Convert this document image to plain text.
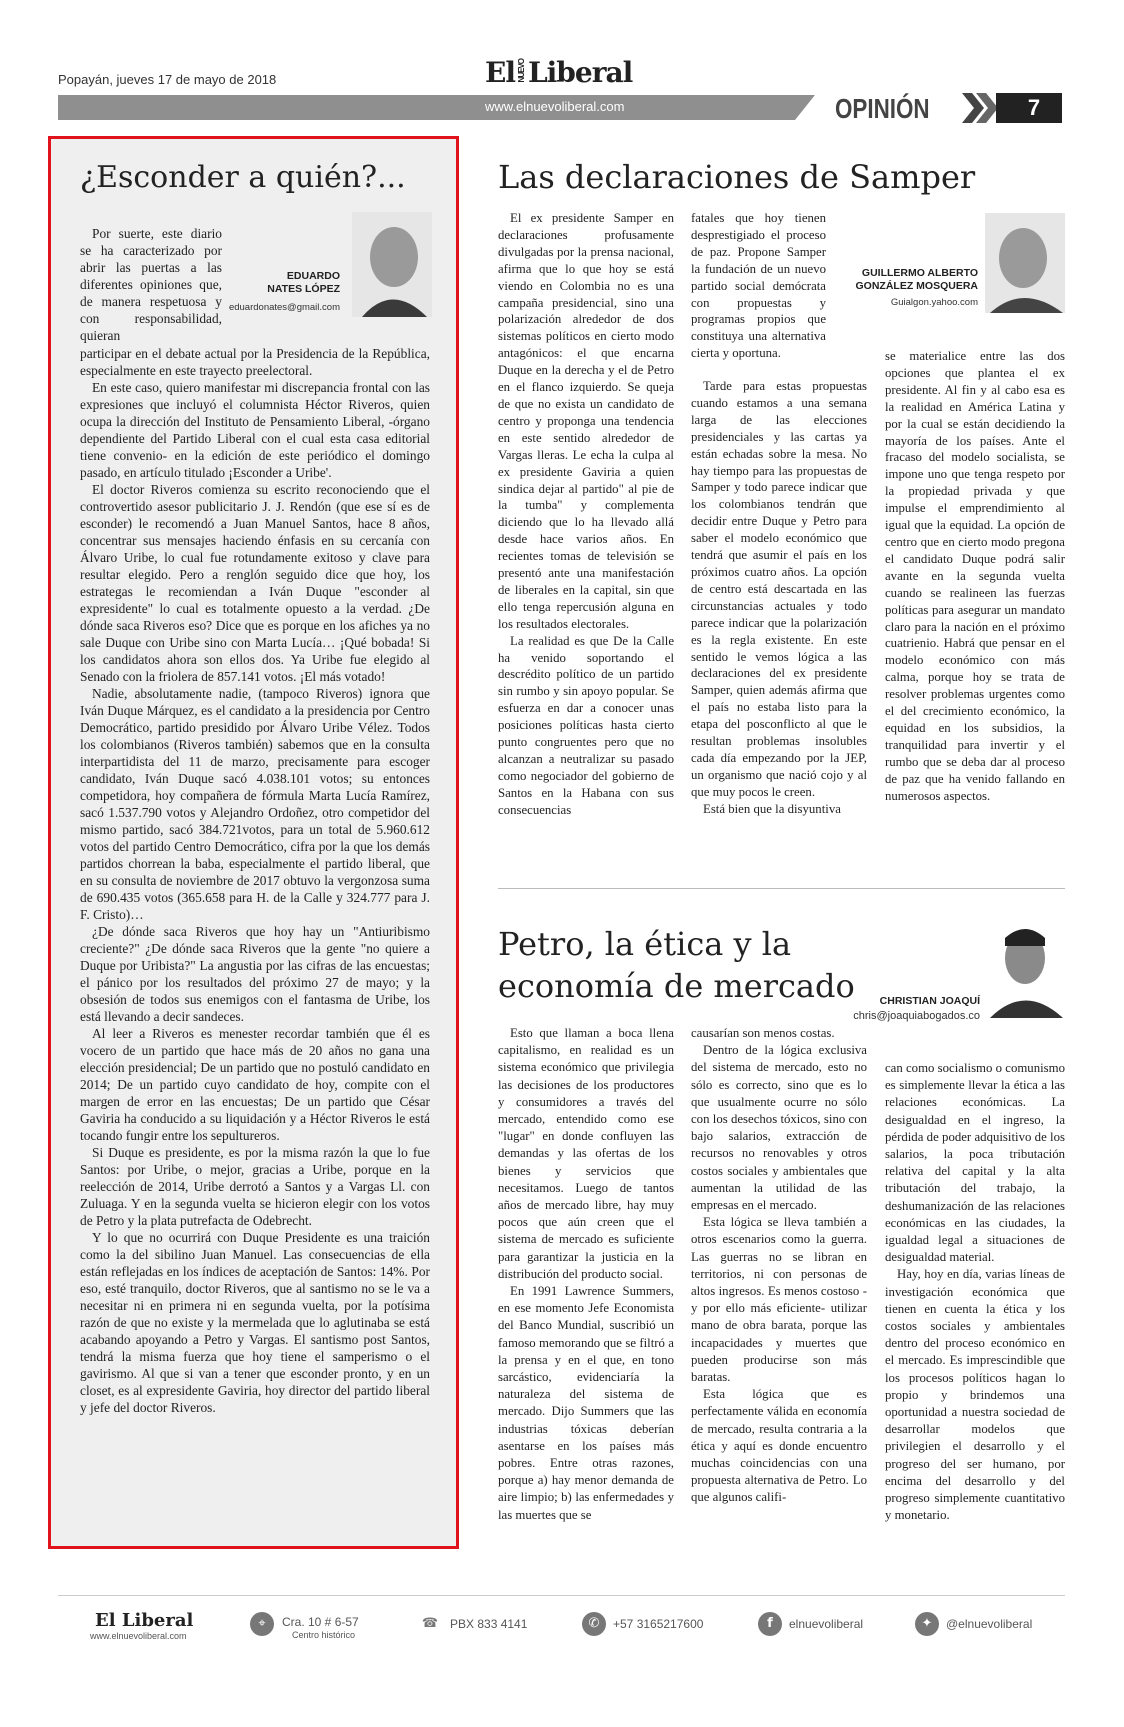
Popayán, jueves 17 de mayo de 2018	El NUEVOLiberal
www.elnuevoliberal.com	OPINIÓN	7
¿Esconder a quién?...

Por suerte, este diario se ha caracterizado por abrir las puertas a las diferentes opiniones que, de manera respetuosa y con responsabilidad, quieran

EDUARDO
NATES LÓPEZ
eduardonates@gmail.com

participar en el debate actual por la Presidencia de la República, especialmente en este trayecto preelectoral.

En este caso, quiero manifestar mi discrepancia frontal con las expresiones que incluyó el columnista Héctor Riveros, quien ocupa la dirección del Instituto de Pensamiento Liberal, -órgano dependiente del Partido Liberal con el cual esta casa editorial tiene convenio- en la edición de este periódico el domingo pasado, en artículo titulado ¡Esconder a Uribe'.

El doctor Riveros comienza su escrito reconociendo que el controvertido asesor publicitario J. J. Rendón (que ese sí es de esconder) le recomendó a Juan Manuel Santos, hace 8 años, concentrar sus mensajes haciendo énfasis en su cercanía con Álvaro Uribe, lo cual fue rotundamente exitoso y clave para resultar elegido. Pero a renglón seguido dice que hoy, los estrategas le recomiendan a Iván Duque "esconder al expresidente" lo cual es totalmente opuesto a la verdad. ¿De dónde saca Riveros eso? Dice que es porque en los afiches ya no sale Duque con Uribe sino con Marta Lucía… ¡Qué bobada! Si los candidatos ahora son ellos dos. Ya Uribe fue elegido al Senado con la friolera de 857.141 votos. ¡El más votado!

Nadie, absolutamente nadie, (tampoco Riveros) ignora que Iván Duque Márquez, es el candidato a la presidencia por Centro Democrático, partido presidido por Álvaro Uribe Vélez. Todos los colombianos (Riveros también) sabemos que en la consulta interpartidista del 11 de marzo, precisamente para escoger candidato, Iván Duque sacó 4.038.101 votos; su entonces competidora, hoy compañera de fórmula Marta Lucía Ramírez, sacó 1.537.790 votos y Alejandro Ordoñez, otro competidor del mismo partido, sacó 384.721votos, para un total de 5.960.612 votos del partido Centro Democrático, cifra por la que los demás partidos chorrean la baba, especialmente el partido liberal, que en su consulta de noviembre de 2017 obtuvo la vergonzosa suma de 690.435 votos (365.658 para H. de la Calle y 324.777 para J. F. Cristo)…

¿De dónde saca Riveros que hoy hay un "Antiuribismo creciente?" ¿De dónde saca Riveros que la gente "no quiere a Duque por Uribista?" La angustia por las cifras de las encuestas; el pánico por los resultados del próximo 27 de mayo; y la obsesión de todos sus enemigos con el fantasma de Uribe, los está llevando a decir sandeces.

Al leer a Riveros es menester recordar también que él es vocero de un partido que hace más de 20 años no gana una elección presidencial; De un partido que no postuló candidato en 2014; De un partido cuyo candidato de hoy, compite con el margen de error en las encuestas; De un partido que César Gaviria ha conducido a su liquidación y a Héctor Riveros le está tocando fungir entre los sepultureros.

Si Duque es presidente, es por la misma razón la que lo fue Santos: por Uribe, o mejor, gracias a Uribe, porque en la reelección de 2014, Uribe derrotó a Santos y a Vargas Ll. con Zuluaga. Y en la segunda vuelta se hicieron elegir con los votos de Petro y la plata putrefacta de Odebrecht.

Y lo que no ocurrirá con Duque Presidente es una traición como la del sibilino Juan Manuel. Las consecuencias de ella están reflejadas en los índices de aceptación de Santos: 14%. Por eso, esté tranquilo, doctor Riveros, que al santismo no se le va a necesitar ni en primera ni en segunda vuelta, por la potísima razón de que no existe y la mermelada que lo aglutinaba se está acabando apoyando a Petro y Vargas. El santismo post Santos, tendrá la misma fuerza que hoy tiene el samperismo o el gavirismo. Al que si van a tener que esconder pronto, y en un closet, es al expresidente Gaviria, hoy director del partido liberal y jefe del doctor Riveros.

Las declaraciones de Samper

El ex presidente Samper en declaraciones profusamente divulgadas por la prensa nacional, afirma que lo que hoy se está viendo en Colombia no es una campaña presidencial, sino una polarización alrededor de dos sistemas políticos en cierto modo antagónicos: el que encarna Duque en la derecha y el de Petro en el flanco izquierdo. Se queja de que no exista un candidato de centro y proponga una tendencia en este sentido alrededor de Vargas lleras. Le echa la culpa al ex presidente Gaviria a quien sindica dejar al partido" al pie de la tumba" y complementa diciendo que lo ha llevado allá desde hace varios años. En recientes tomas de televisión se presentó ante una manifestación de liberales en la capital, sin que ello tenga repercusión alguna en los resultados electorales.

La realidad es que De la Calle ha venido soportando el descrédito político de un partido sin rumbo y sin apoyo popular. Se esfuerza en dar a conocer unas posiciones políticas hasta cierto punto congruentes pero que no alcanzan a neutralizar su pasado como negociador del gobierno de Santos en la Habana con sus consecuencias

fatales que hoy tienen desprestigiado el proceso de paz. Propone Samper la fundación de un nuevo partido social demócrata con propuestas y programas propios que constituya una alternativa cierta y oportuna.

GUILLERMO ALBERTO
GONZÁLEZ MOSQUERA
Guialgon.yahoo.com

Tarde para estas propuestas cuando estamos a una semana larga de las elecciones presidenciales y las cartas ya están echadas sobre la mesa. No hay tiempo para las propuestas de Samper y todo parece indicar que los colombianos tendrán que decidir entre Duque y Petro para saber el modelo económico que tendrá que asumir el país en los próximos cuatro años. La opción de centro está descartada en las circunstancias actuales y todo parece indicar que la polarización es la regla existente. En este sentido le vemos lógica a las declaraciones del ex presidente Samper, quien además afirma que el país no estaba listo para la etapa del posconflicto al que le resultan problemas insolubles cada día empezando por la JEP, un organismo que nació cojo y al que muy pocos le creen.

Está bien que la disyuntiva

se materialice entre las dos opciones que plantea el ex presidente. Al fin y al cabo esa es la realidad en América Latina y por la cual se están decidiendo la mayoría de los países. Ante el fracaso del modelo socialista, se impone uno que tenga respeto por la propiedad privada y que impulse el emprendimiento al igual que la equidad. La opción de centro que en cierto modo pregona el candidato Duque podrá salir avante en la segunda vuelta cuando se realineen las fuerzas políticas para asegurar un mandato claro para la nación en el próximo cuatrienio. Habrá que pensar en el modelo económico con más calma, porque hoy se trata de resolver problemas urgentes como el del crecimiento económico, la equidad en los subsidios, la tranquilidad para invertir y el rumbo que se deba dar al proceso de paz que ha venido fallando en numerosos aspectos.

Petro, la ética y la
economía de mercado	CHRISTIAN JOAQUÍ
chris@joaquiabogados.co

Esto que llaman a boca llena capitalismo, en realidad es un sistema económico que privilegia las decisiones de los productores y consumidores a través del mercado, entendido como ese "lugar" en donde confluyen las demandas y las ofertas de los bienes y servicios que necesitamos. Luego de tantos años de mercado libre, hay muy pocos que aún creen que el sistema de mercado es suficiente para garantizar la justicia en la distribución del producto social.

En 1991 Lawrence Summers, en ese momento Jefe Economista del Banco Mundial, suscribió un famoso memorando que se filtró a la prensa y en el que, en tono sarcástico, evidenciaría la naturaleza del sistema de mercado. Dijo Summers que las industrias tóxicas deberían asentarse en los países más pobres. Entre otras razones, porque a) hay menor demanda de aire limpio; b) las enfermedades y las muertes que se

causarían son menos costas.

Dentro de la lógica exclusiva del sistema de mercado, esto no sólo es correcto, sino que es lo que usualmente ocurre no sólo con los desechos tóxicos, sino con bajo salarios, extracción de recursos no renovables y otros costos sociales y ambientales que aumentan la utilidad de las empresas en el mercado.

Esta lógica se lleva también a otros escenarios como la guerra. Las guerras no se libran en territorios, ni con personas de altos ingresos. Es menos costoso -y por ello más eficiente- utilizar mano de obra barata, porque las incapacidades y muertes que pueden producirse son más baratas.

Esta lógica que es perfectamente válida en economía de mercado, resulta contraria a la ética y aquí es donde encuentro muchas coincidencias con una propuesta alternativa de Petro. Lo que algunos califi-

can como socialismo o comunismo es simplemente llevar la ética a las relaciones económicas. La desigualdad en el ingreso, la pérdida de poder adquisitivo de los salarios, la poca tributación relativa del capital y la alta tributación del trabajo, la deshumanización de las relaciones económicas en las ciudades, la igualdad legal a situaciones de desigualdad material.

Hay, hoy en día, varias líneas de investigación económica que tienen en cuenta la ética y los costos sociales y ambientales dentro del proceso económico en el mercado. Es imprescindible que los procesos políticos hagan lo propio y brindemos una oportunidad a nuestra sociedad de desarrollar modelos que privilegien el desarrollo y el progreso del ser humano, por encima del desarrollo y del progreso simplemente cuantitativo y monetario.

El Liberal
www.elnuevoliberal.com
⌖	Cra. 10 # 6-57
Centro histórico
☎ PBX 833 4141	✆	+57 3165217600	f	elnuevoliberal	✦	@elnuevoliberal
